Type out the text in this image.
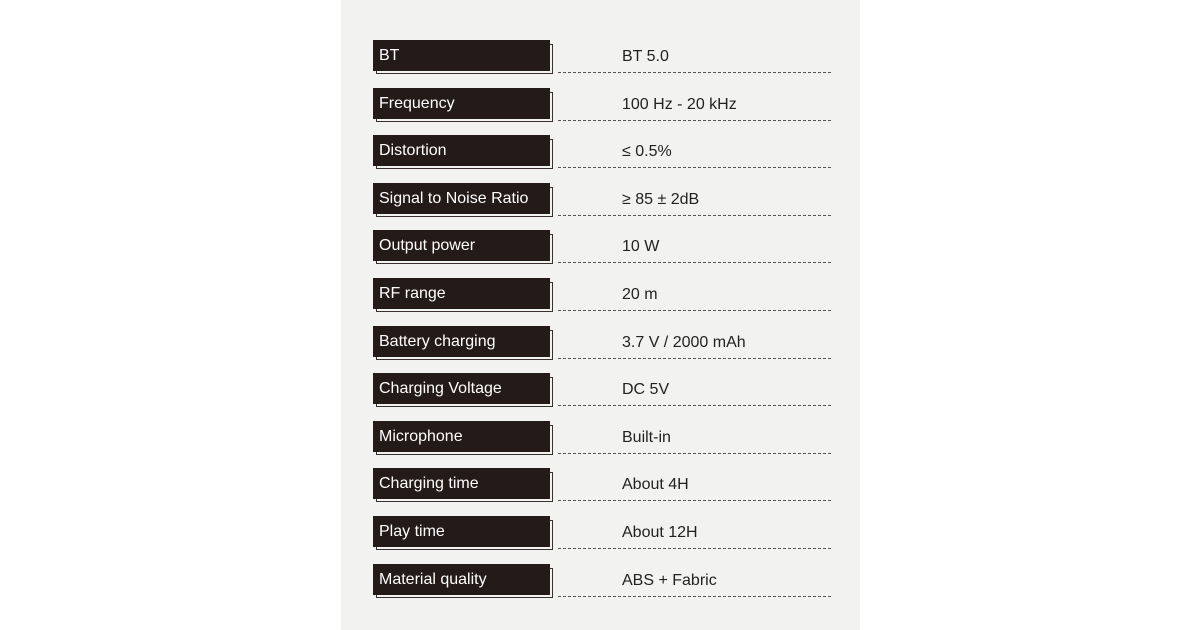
BT	BT 5.0
Frequency	100 Hz - 20 kHz
Distortion	≤ 0.5%
Signal to Noise Ratio	≥ 85 ± 2dB
Output power	10 W
RF range	20 m
Battery charging	3.7 V / 2000 mAh
Charging Voltage	DC 5V
Microphone	Built-in
Charging time	About 4H
Play time	About 12H
Material quality	ABS + Fabric
